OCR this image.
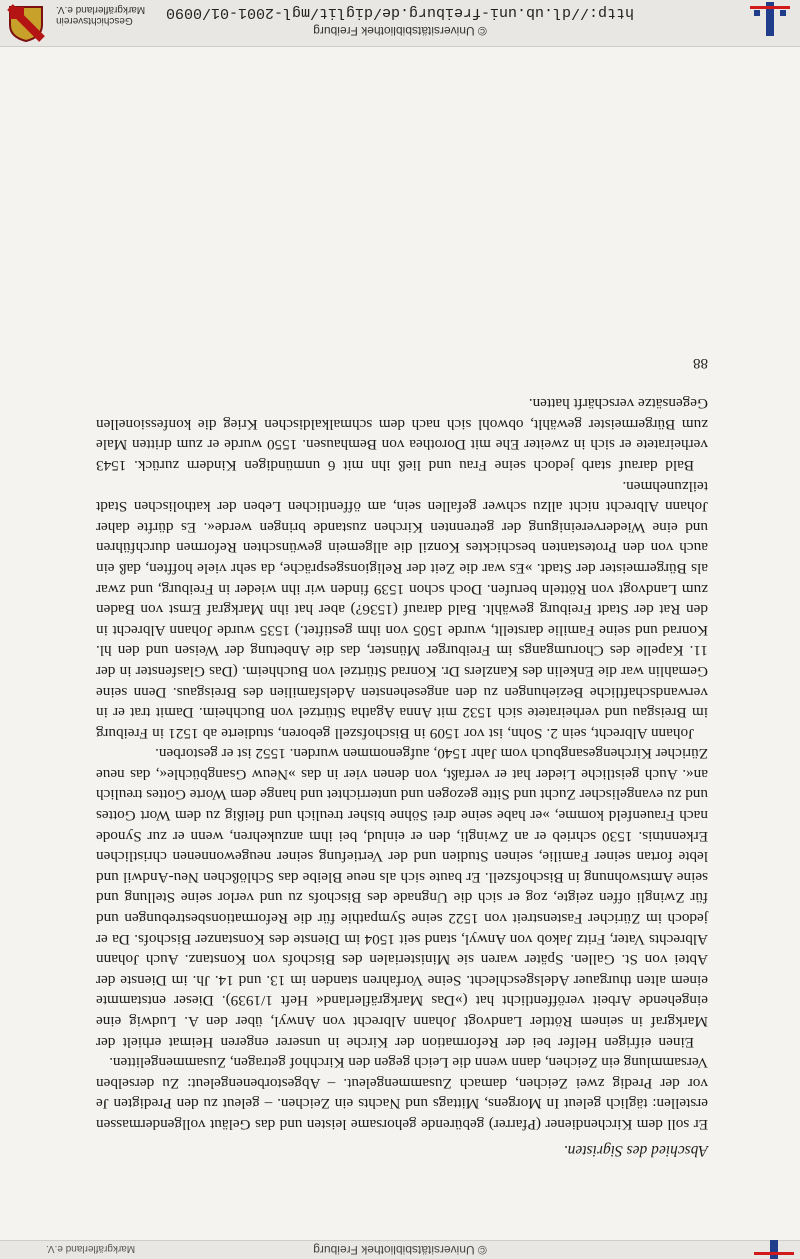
Geschichtsverein
Markgräflerland e.V.	http://dl.ub.uni-freiburg.de/diglit/mgl-2001-01/0090
© Universitätsbibliothek Freiburg

Abschied des Sigristen.

Er soll dem Kirchendiener (Pfarrer) gebürende gehorsame leisten und das Geläut vollgendermassen erstellen: täglich geleut In Morgens, Mittags und Nachts ein Zeichen. – geleut zu den Predigten Je vor der Predig zwei Zeichen, damach Zusammengeleut. – Abgestorbenengeleut: Zu derselben Versammlung ein Zeichen, dann wenn die Leich gegen den Kirchhof getragen, Zusammengelitten.

Einen eifrigen Helfer bei der Reformation der Kirche in unserer engeren Heimat erhielt der Markgraf in seinem Röttler Landvogt Johann Albrecht von Anwyl, über den A. Ludwig eine eingehende Arbeit veröffentlicht hat (»Das Markgräflerland« Heft 1/1939). Dieser entstammte einem alten thurgauer Adelsgeschlecht. Seine Vorfahren standen im 13. und 14. Jh. im Dienste der Abtei von St. Gallen. Später waren sie Ministerialen des Bischofs von Konstanz. Auch Johann Albrechts Vater, Fritz Jakob von Anwyl, stand seit 1504 im Dienste des Konstanzer Bischofs. Da er jedoch im Züricher Fastenstreit von 1522 seine Sympathie für die Reformationsbestrebungen und für Zwingli offen zeigte, zog er sich die Ungnade des Bischofs zu und verlor seine Stellung und seine Amtswohnung in Bischofszell. Er baute sich als neue Bleibe das Schlößchen Neu-Andwil und lebte fortan seiner Familie, seinen Studien und der Vertiefung seiner neugewonnenen christlichen Erkenntnis. 1530 schrieb er an Zwingli, den er einlud, bei ihm anzukehren, wenn er zur Synode nach Frauenfeld komme, »er habe seine drei Söhne bisher treulich und fleißig zu dem Wort Gottes und zu evangelischer Zucht und Sitte gezogen und unterrichtet und hange dem Worte Gottes treulich an«. Auch geistliche Lieder hat er verfaßt, von denen vier in das »Neuw Gsangbüchle«, das neue Züricher Kirchengesangbuch vom Jahr 1540, aufgenommen wurden. 1552 ist er gestorben.

Johann Albrecht, sein 2. Sohn, ist vor 1509 in Bischofszell geboren, studierte ab 1521 in Freiburg im Breisgau und verheiratete sich 1532 mit Anna Agatha Stürtzel von Buchheim. Damit trat er in verwandschaftliche Beziehungen zu den angesehensten Adelsfamilien des Breisgaus. Denn seine Gemahlin war die Enkelin des Kanzlers Dr. Konrad Stürtzel von Buchheim. (Das Glasfenster in der 11. Kapelle des Chorumgangs im Freiburger Münster, das die Anbetung der Weisen und den hl. Konrad und seine Familie darstellt, wurde 1505 von ihm gestiftet.) 1535 wurde Johann Albrecht in den Rat der Stadt Freiburg gewählt. Bald darauf (1536?) aber hat ihn Markgraf Ernst von Baden zum Landvogt von Rötteln berufen. Doch schon 1539 finden wir ihn wieder in Freiburg, und zwar als Bürgermeister der Stadt. »Es war die Zeit der Religionsgespräche, da sehr viele hofften, daß ein auch von den Protestanten beschicktes Konzil die allgemein gewünschten Reformen durchführen und eine Wiedervereinigung der getrennten Kirchen zustande bringen werde«. Es dürfte daher Johann Albrecht nicht allzu schwer gefallen sein, am öffentlichen Leben der katholischen Stadt teilzunehmen.

Bald darauf starb jedoch seine Frau und ließ ihn mit 6 unmündigen Kindern zurück. 1543 verheiratete er sich in zweiter Ehe mit Dorothea von Bemhausen. 1550 wurde er zum dritten Male zum Bürgermeister gewählt, obwohl sich nach dem schmalkaldischen Krieg die konfessionellen Gegensätze verschärft hatten.

88
Markgräflerland e.V.	© Universitätsbibliothek Freiburg
